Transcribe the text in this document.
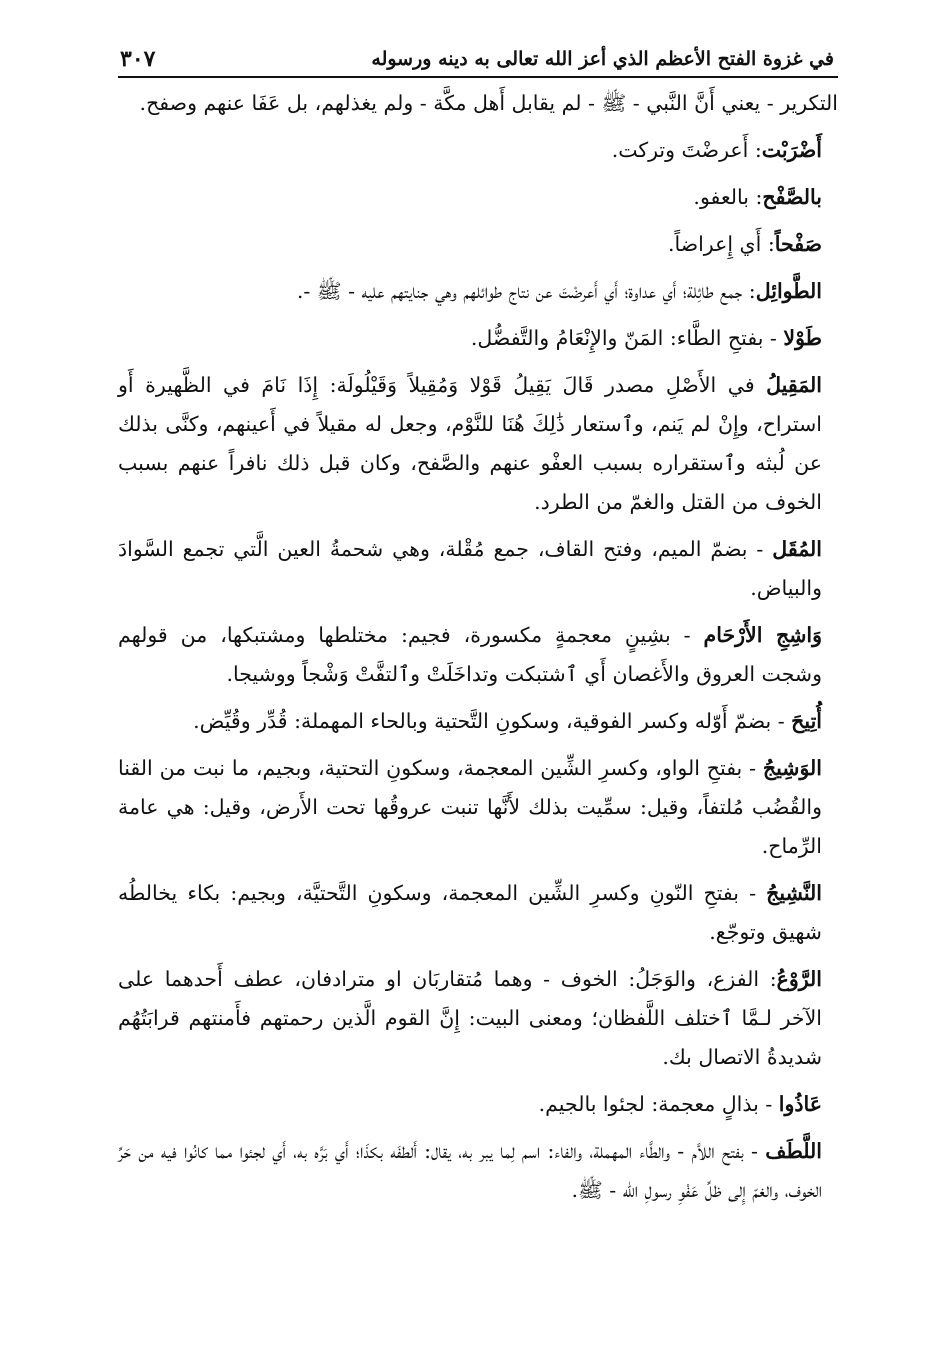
في غزوة الفتح الأعظم الذي أعز الله تعالى به دينه ورسوله
٣٠٧

التكرير - يعني أَنَّ النَّبي - ﷺ - لم يقابل أَهل مكَّة - ولم يغذلهم، بل عَفَا عنهم وصفح.

أَضْرَبْت: أَعرضْتَ وتركت.

بالصَّفْح: بالعفو.

صَفْحاً: أَي إِعراضاً.

الطَّوائِل: جمع طائِلة؛ أَي عداوة؛ أَي أَعرضْتَ عن نتاج طوائلهم وهي جنايتهم عليه - ﷺ -.

طَوْلا - بفتحِ الطَّاء: المَنّ والإِنْعَامُ والتَّفضُّل.

المَقِيلُ في الأَصْلِ مصدر قَالَ يَقِيلُ قَوْلا وَمُقِيلاً وَقَيْلُولَة: إِذَا نَامَ في الظَّهيرة أَو استراح، وإِنْ لم يَنم، وٱستعار ذَٰلِكَ هُنَا للنَّوْم، وجعل له مقيلاً في أَعينهم، وكنَّى بذلك عن لُبثه وٱستقراره بسبب العفْو عنهم والصَّفح، وكان قبل ذلك نافراً عنهم بسبب الخوف من القتل والغمّ من الطرد.

المُقَل - بضمّ الميم، وفتح القاف، جمع مُقْلة، وهي شحمةُ العين الَّتي تجمع السَّوادَ والبياض.

وَاشِجِ الأَرْحَام - بشِينٍ معجمةٍ مكسورة، فجيم: مختلطها ومشتبكها، من قولهم وشجت العروق والأَغصان أَي ٱشتبكت وتداخَلَتْ وٱلتفَّتْ وَشْجاً ووشيجا.

أُتِيحَ - بضمّ أَوّله وكسر الفوقية، وسكونِ التَّحتية وبالحاء المهملة: قُدِّر وقُيِّض.

الوَشِيجُ - بفتحِ الواو، وكسرِ الشِّين المعجمة، وسكونِ التحتية، وبجيم، ما نبت من القنا والقُضُب مُلتفاً، وقيل: سمِّيت بذلك لأَنَّها تنبت عروقُها تحت الأَرض، وقيل: هي عامة الرِّماح.

النَّشِيجُ - بفتحِ النّونِ وكسرِ الشِّين المعجمة، وسكونِ التَّحتيَّة، وبجيم: بكاء يخالطُه شهيق وتوجّع.

الرَّوْعُ: الفزع، والوَجَلُ: الخوف - وهما مُتقاربَان او مترادفان، عطف أَحدهما على الآخر لـمَّا ٱختلف اللَّفظان؛ ومعنى البيت: إِنَّ القوم الَّذين رحمتهم فأَمنتهم قرابَتُهُم شديدةُ الاتصال بك.

عَاذُوا - بذالٍ معجمة: لجئوا بالجيم.

اللَّطَف - بفتح اللاَّم - والطَّاء المهملة، والفاء: اسم لِما يبر به، يقال: أَلطفَه بكذَا؛ أَي بَرَّه به، أَي لجئوا مما كانُوا فيه من حَرِّ الخوف، والغمّ إِلى ظلِّ عَفْوِ رسولِ الله - ﷺ.
